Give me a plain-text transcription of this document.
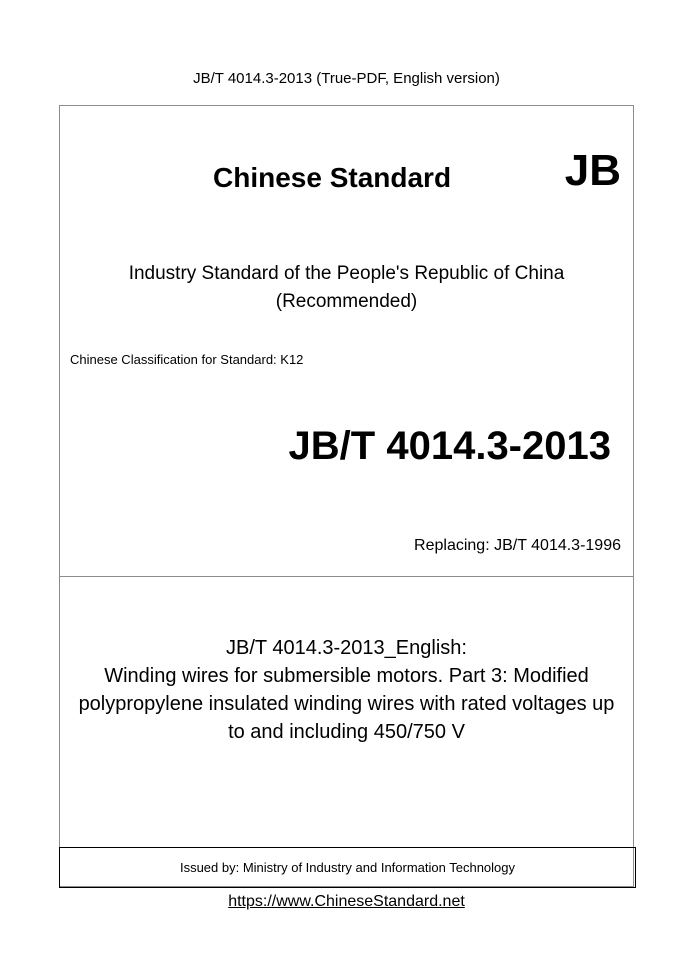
JB/T 4014.3-2013 (True-PDF, English version)
Chinese Standard	JB
Industry Standard of the People's Republic of China
(Recommended)
Chinese Classification for Standard: K12
JB/T 4014.3-2013
Replacing: JB/T 4014.3-1996
JB/T 4014.3-2013_English:
Winding wires for submersible motors. Part 3: Modified
polypropylene insulated winding wires with rated voltages up
to and including 450/750 V
Issued by: Ministry of Industry and Information Technology
https://www.ChineseStandard.net
